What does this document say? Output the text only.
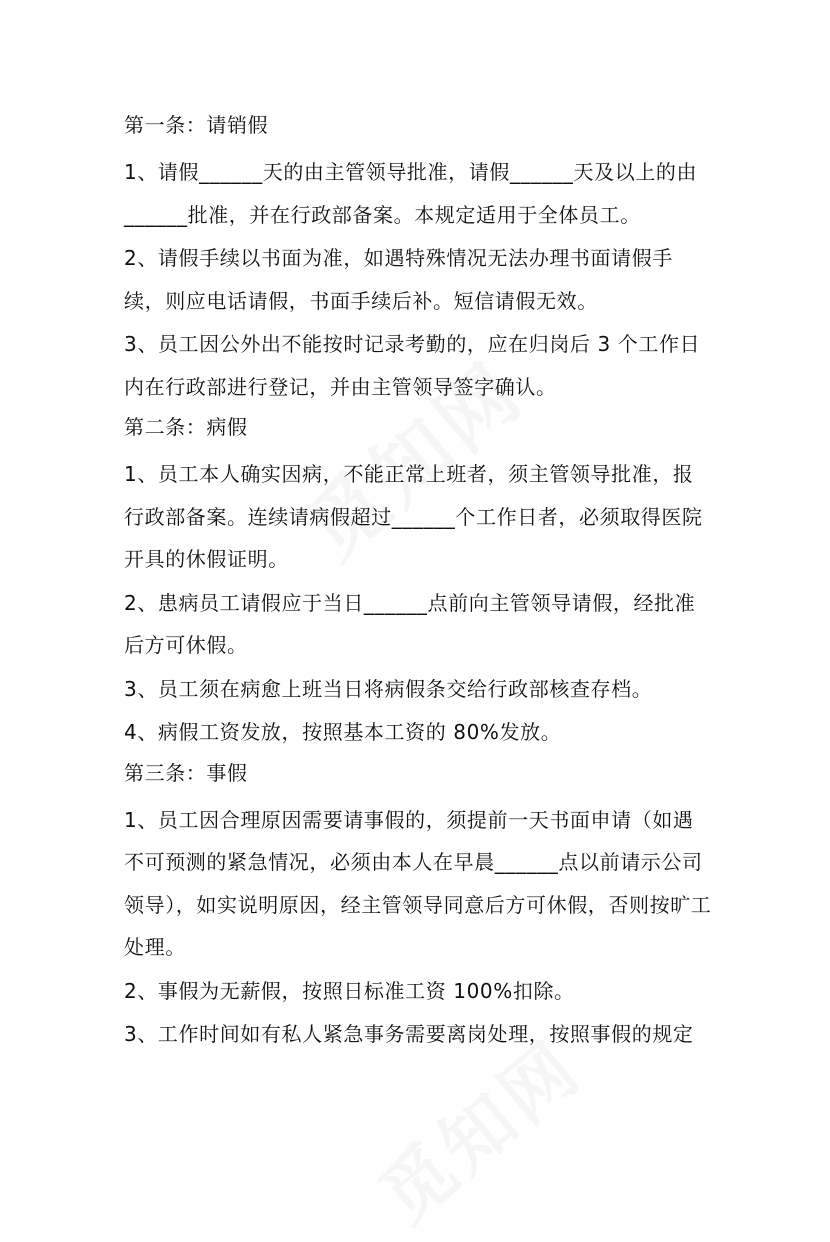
第一条：请销假

1、请假______天的由主管领导批准，请假______天及以上的由______批准，并在行政部备案。本规定适用于全体员工。

2、请假手续以书面为准，如遇特殊情况无法办理书面请假手续，则应电话请假，书面手续后补。短信请假无效。

3、员工因公外出不能按时记录考勤的，应在归岗后 3 个工作日内在行政部进行登记，并由主管领导签字确认。

第二条：病假

1、员工本人确实因病，不能正常上班者，须主管领导批准，报行政部备案。连续请病假超过______个工作日者，必须取得医院开具的休假证明。

2、患病员工请假应于当日______点前向主管领导请假，经批准后方可休假。

3、员工须在病愈上班当日将病假条交给行政部核查存档。

4、病假工资发放，按照基本工资的 80%发放。

第三条：事假

1、员工因合理原因需要请事假的，须提前一天书面申请（如遇不可预测的紧急情况，必须由本人在早晨______点以前请示公司领导），如实说明原因，经主管领导同意后方可休假，否则按旷工处理。

2、事假为无薪假，按照日标准工资 100%扣除。

3、工作时间如有私人紧急事务需要离岗处理，按照事假的规定
